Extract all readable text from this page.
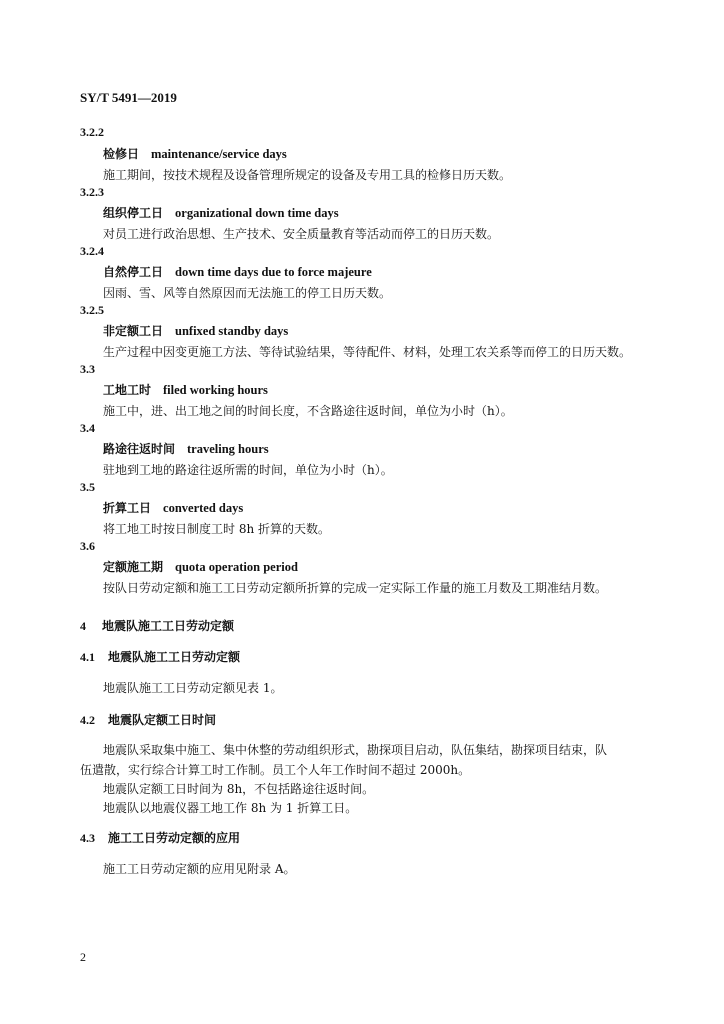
SY/T 5491—2019
3.2.2
检修日 maintenance/service days
施工期间，按技术规程及设备管理所规定的设备及专用工具的检修日历天数。
3.2.3
组织停工日 organizational down time days
对员工进行政治思想、生产技术、安全质量教育等活动而停工的日历天数。
3.2.4
自然停工日 down time days due to force majeure
因雨、雪、风等自然原因而无法施工的停工日历天数。
3.2.5
非定额工日 unfixed standby days
生产过程中因变更施工方法、等待试验结果，等待配件、材料，处理工农关系等而停工的日历天数。
3.3
工地工时 filed working hours
施工中，进、出工地之间的时间长度，不含路途往返时间，单位为小时（h）。
3.4
路途往返时间 traveling hours
驻地到工地的路途往返所需的时间，单位为小时（h）。
3.5
折算工日 converted days
将工地工时按日制度工时 8h 折算的天数。
3.6
定额施工期 quota operation period
按队日劳动定额和施工工日劳动定额所折算的完成一定实际工作量的施工月数及工期准结月数。
4 地震队施工工日劳动定额
4.1 地震队施工工日劳动定额
地震队施工工日劳动定额见表 1。
4.2 地震队定额工日时间
地震队采取集中施工、集中休整的劳动组织形式，勘探项目启动，队伍集结，勘探项目结束，队
伍遣散，实行综合计算工时工作制。员工个人年工作时间不超过 2000h。
地震队定额工日时间为 8h，不包括路途往返时间。
地震队以地震仪器工地工作 8h 为 1 折算工日。
4.3 施工工日劳动定额的应用
施工工日劳动定额的应用见附录 A。
2
